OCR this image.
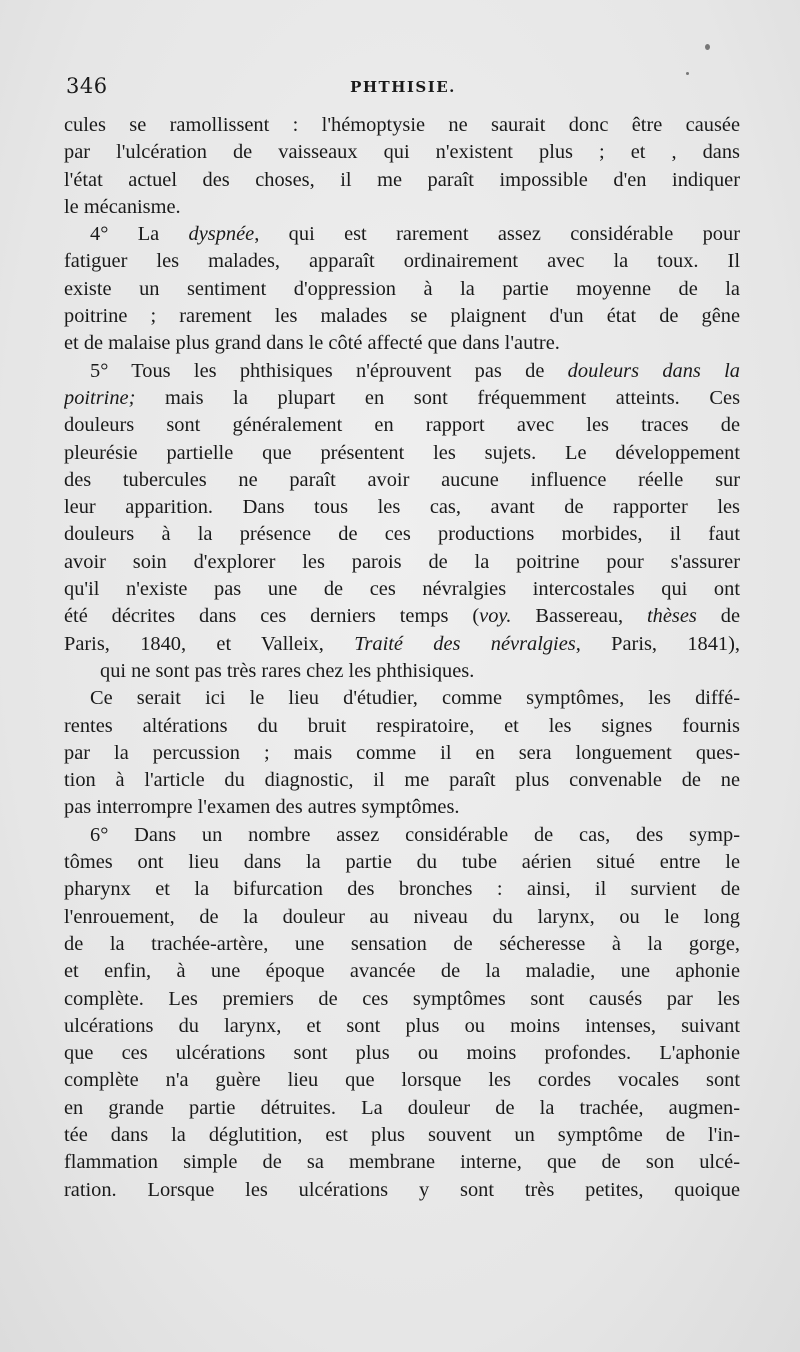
346	PHTHISIE.
cules se ramollissent : l'hémoptysie ne saurait donc être causée
par l'ulcération de vaisseaux qui n'existent plus ; et , dans
l'état actuel des choses, il me paraît impossible d'en indiquer
le mécanisme.
4° La dyspnée, qui est rarement assez considérable pour
fatiguer les malades, apparaît ordinairement avec la toux. Il
existe un sentiment d'oppression à la partie moyenne de la
poitrine ; rarement les malades se plaignent d'un état de gêne
et de malaise plus grand dans le côté affecté que dans l'autre.
5° Tous les phthisiques n'éprouvent pas de douleurs dans la
poitrine; mais la plupart en sont fréquemment atteints. Ces
douleurs sont généralement en rapport avec les traces de
pleurésie partielle que présentent les sujets. Le développement
des tubercules ne paraît avoir aucune influence réelle sur
leur apparition. Dans tous les cas, avant de rapporter les
douleurs à la présence de ces productions morbides, il faut
avoir soin d'explorer les parois de la poitrine pour s'assurer
qu'il n'existe pas une de ces névralgies intercostales qui ont
été décrites dans ces derniers temps (voy. Bassereau, thèses de
Paris, 1840, et Valleix, Traité des névralgies, Paris, 1841),
qui ne sont pas très rares chez les phthisiques.
Ce serait ici le lieu d'étudier, comme symptômes, les diffé-
rentes altérations du bruit respiratoire, et les signes fournis
par la percussion ; mais comme il en sera longuement ques-
tion à l'article du diagnostic, il me paraît plus convenable de ne
pas interrompre l'examen des autres symptômes.
6° Dans un nombre assez considérable de cas, des symp-
tômes ont lieu dans la partie du tube aérien situé entre le
pharynx et la bifurcation des bronches : ainsi, il survient de
l'enrouement, de la douleur au niveau du larynx, ou le long
de la trachée-artère, une sensation de sécheresse à la gorge,
et enfin, à une époque avancée de la maladie, une aphonie
complète. Les premiers de ces symptômes sont causés par les
ulcérations du larynx, et sont plus ou moins intenses, suivant
que ces ulcérations sont plus ou moins profondes. L'aphonie
complète n'a guère lieu que lorsque les cordes vocales sont
en grande partie détruites. La douleur de la trachée, augmen-
tée dans la déglutition, est plus souvent un symptôme de l'in-
flammation simple de sa membrane interne, que de son ulcé-
ration. Lorsque les ulcérations y sont très petites, quoique
